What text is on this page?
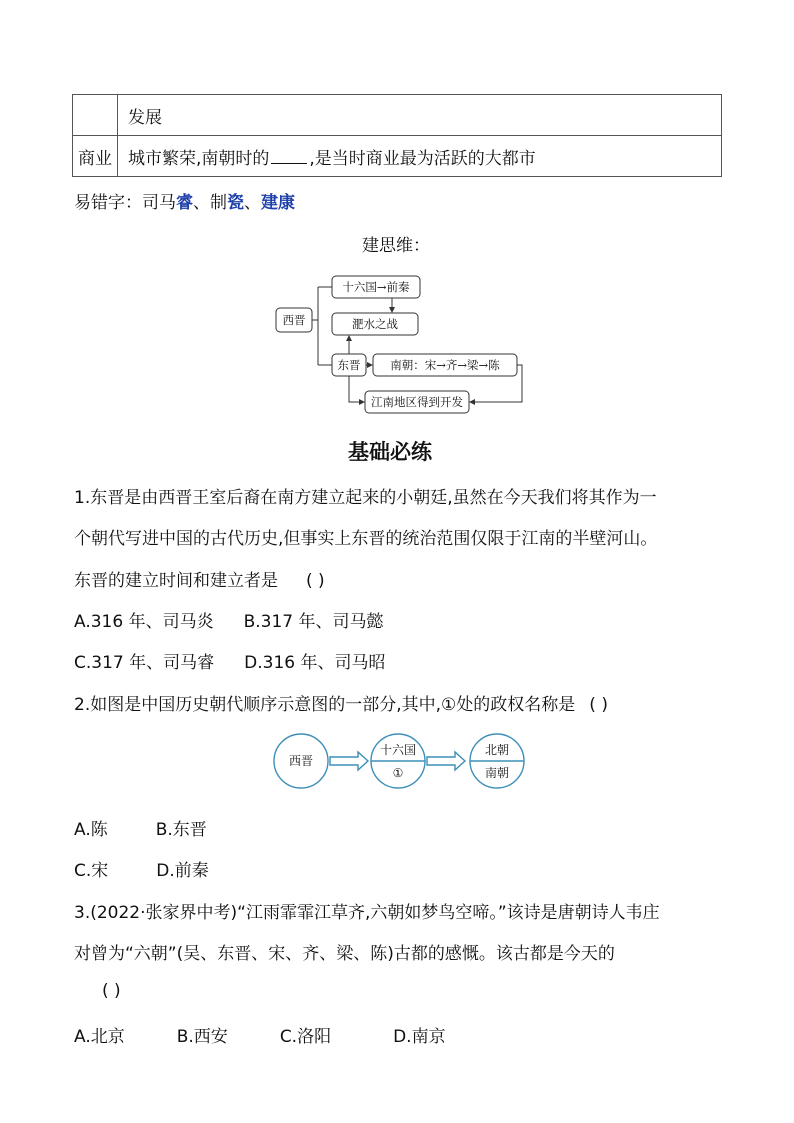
	发展
商业	城市繁荣,南朝时的 ,是当时商业最为活跃的大都市
易错字：司马睿、制瓷、建康
建思维：
西晋
十六国→前秦
淝水之战
东晋	南朝：宋→齐→梁→陈
江南地区得到开发
基础必练
1.东晋是由西晋王室后裔在南方建立起来的小朝廷,虽然在今天我们将其作为一
个朝代写进中国的古代历史,但事实上东晋的统治范围仅限于江南的半壁河山。
东晋的建立时间和建立者是 ( )
A.316 年、司马炎 B.317 年、司马懿
C.317 年、司马睿 D.316 年、司马昭
2.如图是中国历史朝代顺序示意图的一部分,其中,①处的政权名称是 ( )
西晋
十六国
①
北朝
南朝
A.陈	B.东晋
C.宋	D.前秦
3.(2022·张家界中考)“江雨霏霏江草齐,六朝如梦鸟空啼。”该诗是唐朝诗人韦庄
对曾为“六朝”(吴、东晋、宋、齐、梁、陈)古都的感慨。该古都是今天的
( )
A.北京	B.西安	C.洛阳	D.南京
